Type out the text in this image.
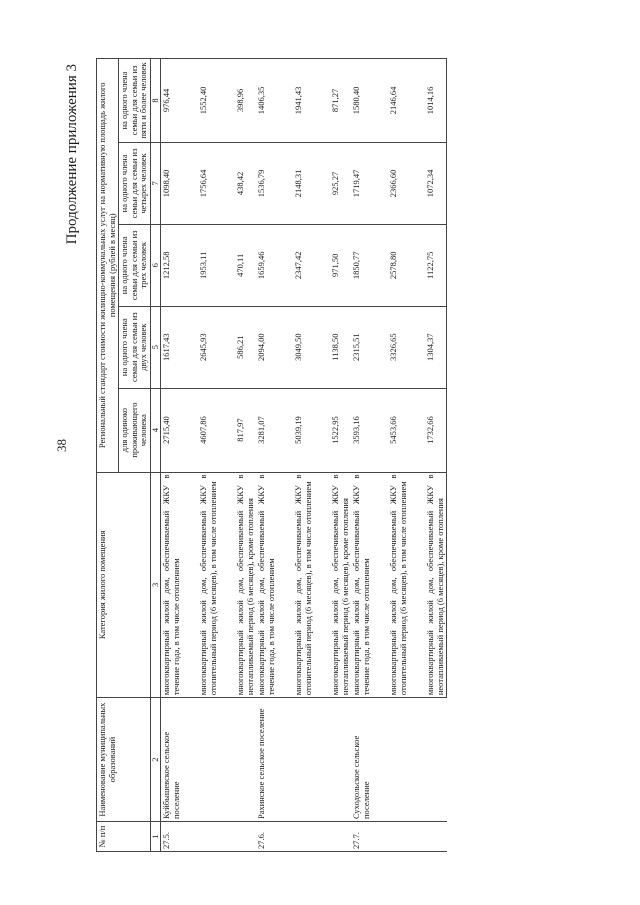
38
Продолжение приложения 3
№ п/п	Наименование муниципальных образований	Категория жилого помещения	Региональный стандарт стоимости жилищно-коммунальных услуг на нормативную площадь жилого помещения (рублей в месяц)				
			для одиноко проживающего человека	на одного члена семьи для семьи из двух человек	на одного члена семьи для семьи из трех человек	на одного члена семьи для семьи из четырех человек	на одного члена семьи для семьи из пяти и более человек
1	2	3	4	5	6	7	8
27.5.	Куйбышевское сельское поселение	многоквартирный жилой дом, обеспечиваемый ЖКУ в течение года, в том числе отоплением	2715,40	1617,43	1212,58	1098,40	976,44

		многоквартирный жилой дом, обеспечиваемый ЖКУ в отопительный период (6 месяцев), в том числе отоплением	4607,86	2645,93	1953,11	1756,64	1552,40

		многоквартирный жилой дом, обеспечиваемый ЖКУ в неотапливаемый период (6 месяцев), кроме отопления	817,97	586,21	470,11	438,42	398,96
27.6.	Рахинское сельское поселение	многоквартирный жилой дом, обеспечиваемый ЖКУ в течение года, в том числе отоплением	3281,07	2094,00	1659,46	1536,79	1406,35

		многоквартирный жилой дом, обеспечиваемый ЖКУ в отопительный период (6 месяцев), в том числе отоплением	5039,19	3049,50	2347,42	2148,31	1941,43

		многоквартирный жилой дом, обеспечиваемый ЖКУ в неотапливаемый период (6 месяцев), кроме отопления	1522,95	1138,50	971,50	925,27	871,27
27.7.	Суходольское сельское поселение	многоквартирный жилой дом, обеспечиваемый ЖКУ в течение года, в том числе отоплением	3593,16	2315,51	1850,77	1719,47	1580,40

		многоквартирный жилой дом, обеспечиваемый ЖКУ в отопительный период (6 месяцев), в том числе отоплением	5453,66	3326,65	2578,80	2366,60	2146,64

		многоквартирный жилой дом, обеспечиваемый ЖКУ в неотапливаемый период (6 месяцев), кроме отопления	1732,66	1304,37	1122,75	1072,34	1014,16
